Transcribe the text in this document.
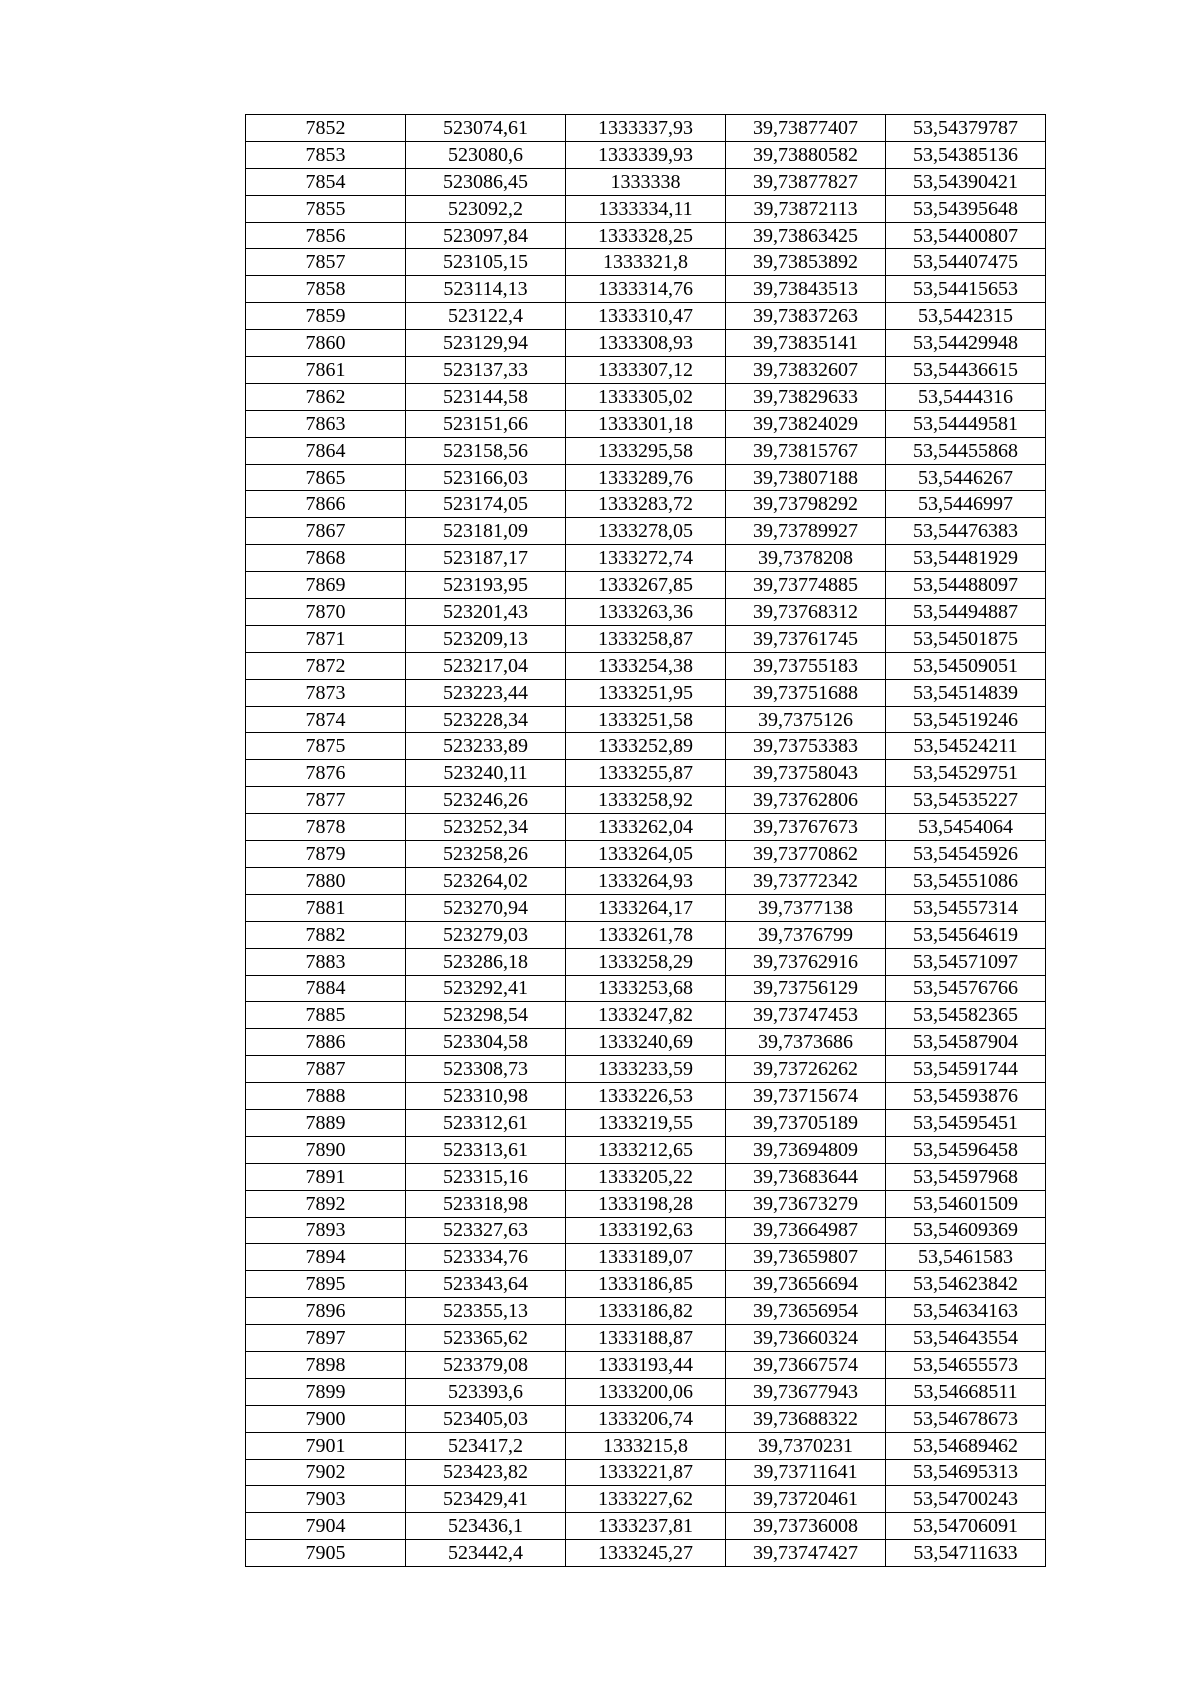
7852	523074,61	1333337,93	39,73877407	53,54379787
7853	523080,6	1333339,93	39,73880582	53,54385136
7854	523086,45	1333338	39,73877827	53,54390421
7855	523092,2	1333334,11	39,73872113	53,54395648
7856	523097,84	1333328,25	39,73863425	53,54400807
7857	523105,15	1333321,8	39,73853892	53,54407475
7858	523114,13	1333314,76	39,73843513	53,54415653
7859	523122,4	1333310,47	39,73837263	53,5442315
7860	523129,94	1333308,93	39,73835141	53,54429948
7861	523137,33	1333307,12	39,73832607	53,54436615
7862	523144,58	1333305,02	39,73829633	53,5444316
7863	523151,66	1333301,18	39,73824029	53,54449581
7864	523158,56	1333295,58	39,73815767	53,54455868
7865	523166,03	1333289,76	39,73807188	53,5446267
7866	523174,05	1333283,72	39,73798292	53,5446997
7867	523181,09	1333278,05	39,73789927	53,54476383
7868	523187,17	1333272,74	39,7378208	53,54481929
7869	523193,95	1333267,85	39,73774885	53,54488097
7870	523201,43	1333263,36	39,73768312	53,54494887
7871	523209,13	1333258,87	39,73761745	53,54501875
7872	523217,04	1333254,38	39,73755183	53,54509051
7873	523223,44	1333251,95	39,73751688	53,54514839
7874	523228,34	1333251,58	39,7375126	53,54519246
7875	523233,89	1333252,89	39,73753383	53,54524211
7876	523240,11	1333255,87	39,73758043	53,54529751
7877	523246,26	1333258,92	39,73762806	53,54535227
7878	523252,34	1333262,04	39,73767673	53,5454064
7879	523258,26	1333264,05	39,73770862	53,54545926
7880	523264,02	1333264,93	39,73772342	53,54551086
7881	523270,94	1333264,17	39,7377138	53,54557314
7882	523279,03	1333261,78	39,7376799	53,54564619
7883	523286,18	1333258,29	39,73762916	53,54571097
7884	523292,41	1333253,68	39,73756129	53,54576766
7885	523298,54	1333247,82	39,73747453	53,54582365
7886	523304,58	1333240,69	39,7373686	53,54587904
7887	523308,73	1333233,59	39,73726262	53,54591744
7888	523310,98	1333226,53	39,73715674	53,54593876
7889	523312,61	1333219,55	39,73705189	53,54595451
7890	523313,61	1333212,65	39,73694809	53,54596458
7891	523315,16	1333205,22	39,73683644	53,54597968
7892	523318,98	1333198,28	39,73673279	53,54601509
7893	523327,63	1333192,63	39,73664987	53,54609369
7894	523334,76	1333189,07	39,73659807	53,5461583
7895	523343,64	1333186,85	39,73656694	53,54623842
7896	523355,13	1333186,82	39,73656954	53,54634163
7897	523365,62	1333188,87	39,73660324	53,54643554
7898	523379,08	1333193,44	39,73667574	53,54655573
7899	523393,6	1333200,06	39,73677943	53,54668511
7900	523405,03	1333206,74	39,73688322	53,54678673
7901	523417,2	1333215,8	39,7370231	53,54689462
7902	523423,82	1333221,87	39,73711641	53,54695313
7903	523429,41	1333227,62	39,73720461	53,54700243
7904	523436,1	1333237,81	39,73736008	53,54706091
7905	523442,4	1333245,27	39,73747427	53,54711633
